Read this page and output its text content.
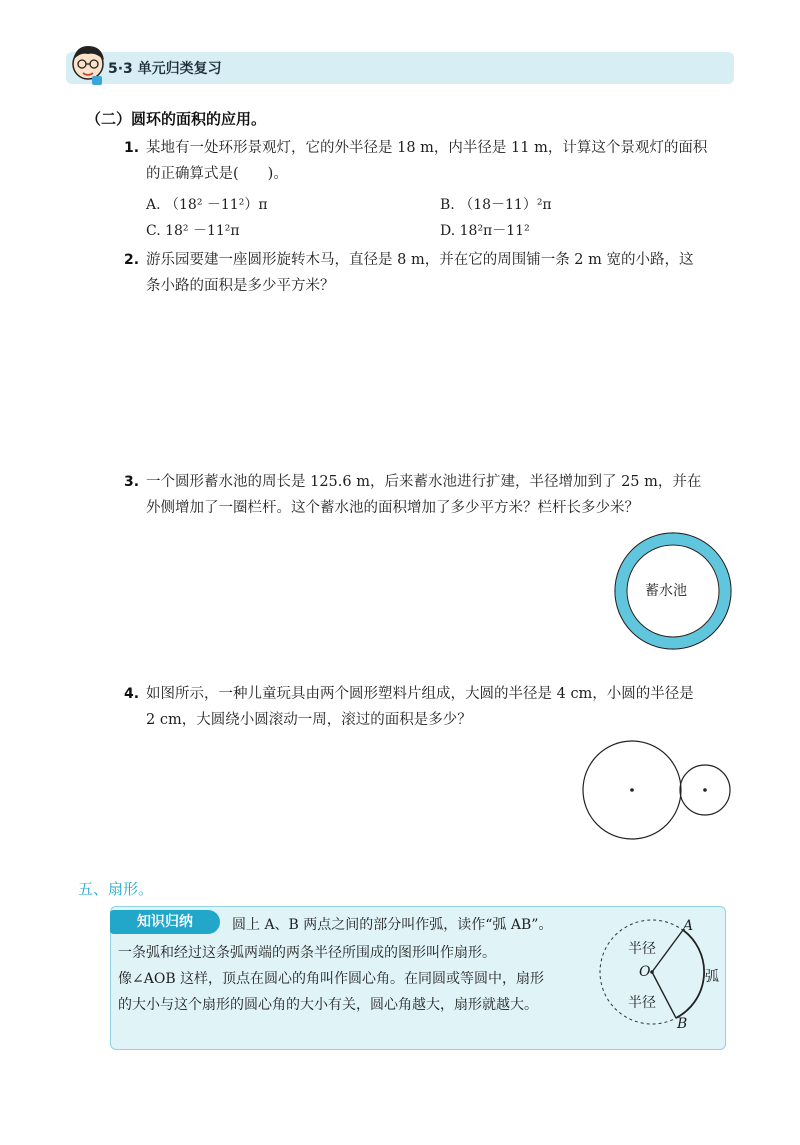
5·3 单元归类复习
（二）圆环的面积的应用。
1. 某地有一处环形景观灯，它的外半径是 18 m，内半径是 11 m，计算这个景观灯的面积
的正确算式是(　　)。
A. （18² －11²）π	B. （18－11）²π
C. 18² －11²π	D. 18²π－11²
2. 游乐园要建一座圆形旋转木马，直径是 8 m，并在它的周围铺一条 2 m 宽的小路，这
条小路的面积是多少平方米？
3. 一个圆形蓄水池的周长是 125.6 m，后来蓄水池进行扩建，半径增加到了 25 m，并在
外侧增加了一圈栏杆。这个蓄水池的面积增加了多少平方米？栏杆长多少米？
蓄水池
4. 如图所示，一种儿童玩具由两个圆形塑料片组成，大圆的半径是 4 cm，小圆的半径是
2 cm，大圆绕小圆滚动一周，滚过的面积是多少？
五、扇形。
知识归纳	圆上 A、B 两点之间的部分叫作弧，读作“弧 AB”。
一条弧和经过这条弧两端的两条半径所围成的图形叫作扇形。
像∠AOB 这样，顶点在圆心的角叫作圆心角。在同圆或等圆中，扇形
的大小与这个扇形的圆心角的大小有关，圆心角越大，扇形就越大。
A
B
O
半径
半径
弧
